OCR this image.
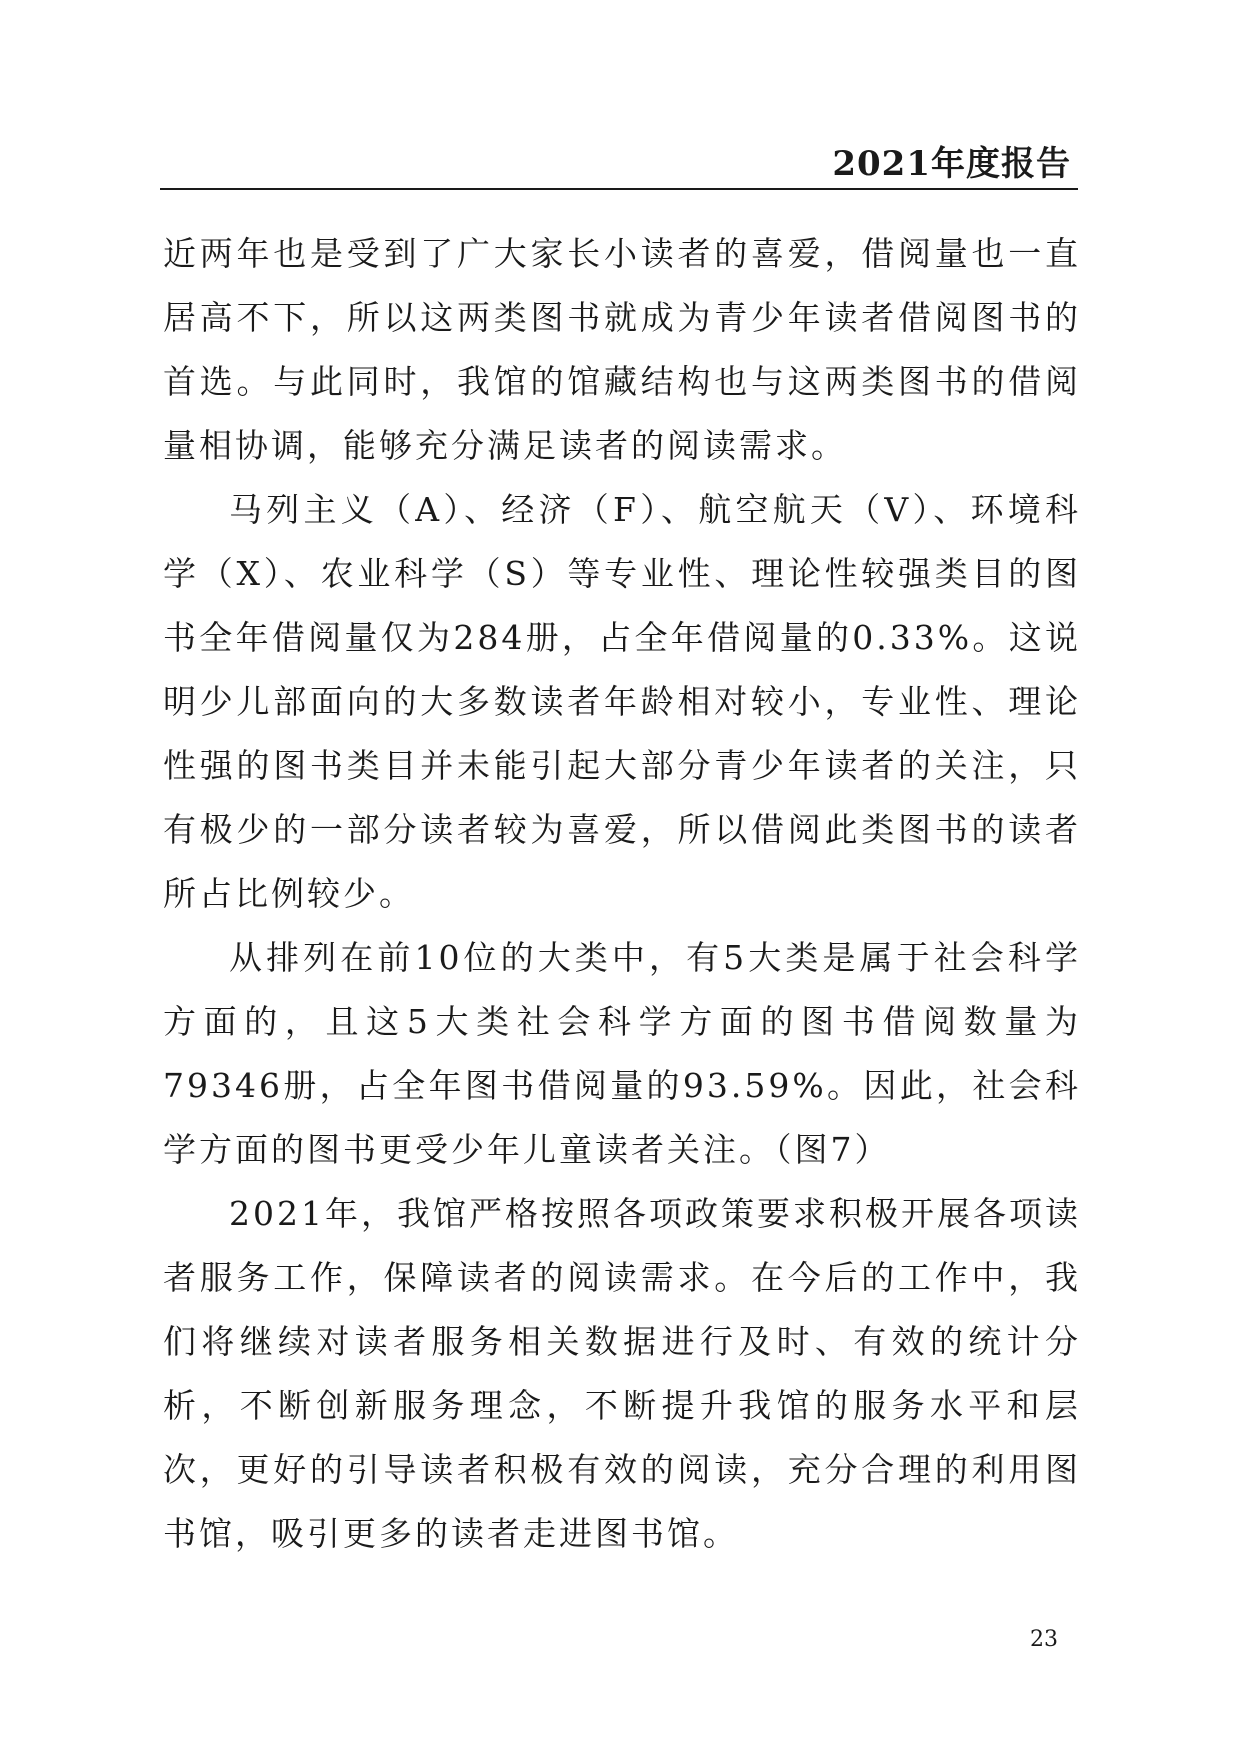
2021年度报告

近两年也是受到了广大家长小读者的喜爱，借阅量也一直居高不下，所以这两类图书就成为青少年读者借阅图书的首选。与此同时，我馆的馆藏结构也与这两类图书的借阅量相协调，能够充分满足读者的阅读需求。

马列主义（A）、经济（F）、航空航天（V）、环境科学（X）、农业科学（S）等专业性、理论性较强类目的图书全年借阅量仅为284册，占全年借阅量的0.33%。这说明少儿部面向的大多数读者年龄相对较小，专业性、理论性强的图书类目并未能引起大部分青少年读者的关注，只有极少的一部分读者较为喜爱，所以借阅此类图书的读者所占比例较少。

从排列在前10位的大类中，有5大类是属于社会科学方面的，且这5大类社会科学方面的图书借阅数量为79346册，占全年图书借阅量的93.59%。因此，社会科学方面的图书更受少年儿童读者关注。（图7）

2021年，我馆严格按照各项政策要求积极开展各项读者服务工作，保障读者的阅读需求。在今后的工作中，我们将继续对读者服务相关数据进行及时、有效的统计分析，不断创新服务理念，不断提升我馆的服务水平和层次，更好的引导读者积极有效的阅读，充分合理的利用图书馆，吸引更多的读者走进图书馆。

23
